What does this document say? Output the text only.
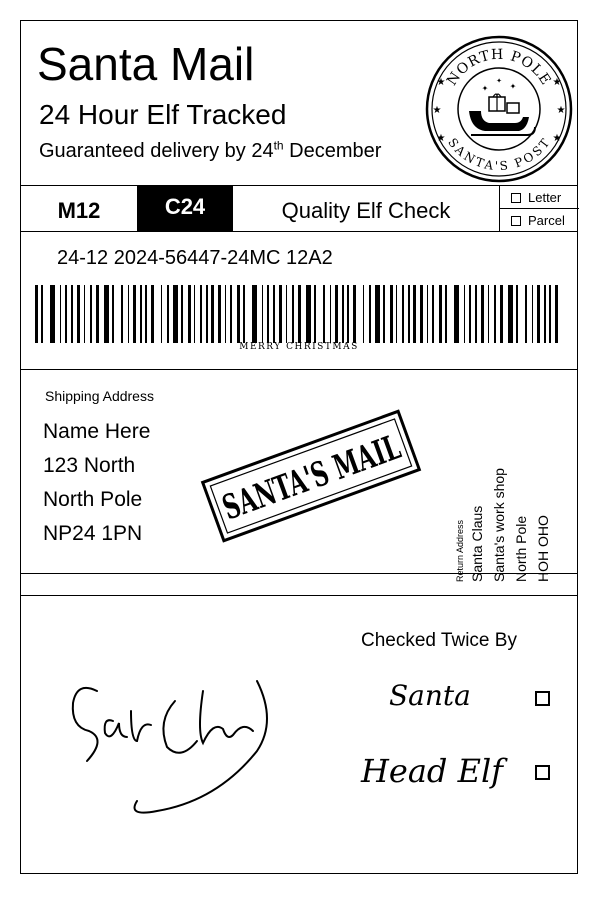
Santa Mail
24 Hour Elf Tracked
Guaranteed delivery by 24th December
NORTH POLE
SANTA'S POST
★	★
★	★
★	★
✦	✦
✦
M12	C24	Quality Elf Check
Letter
Parcel
24-12 2024-56447-24MC 12A2
MERRY CHRISTMAS
Shipping Address
Name Here
123 North
North Pole
NP24 1PN
SANTA'S MAIL
Return Address Santa Claus Santa's work shop North Pole HOH OHO
Checked Twice By
Santa
Head Elf
